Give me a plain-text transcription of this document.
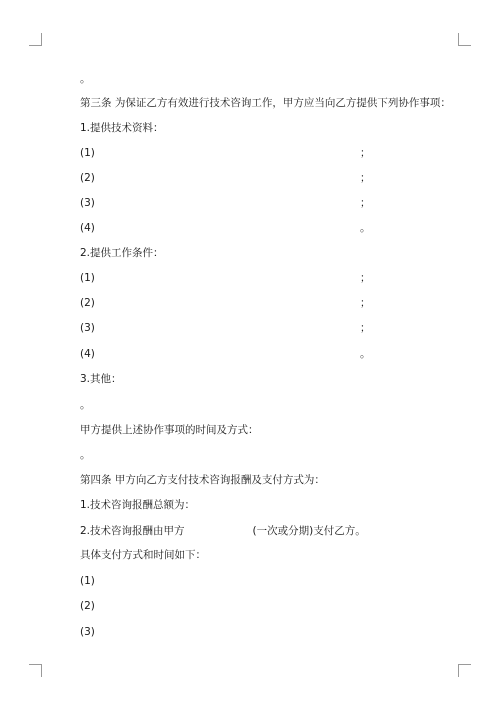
。
第三条 为保证乙方有效进行技术咨询工作，甲方应当向乙方提供下列协作事项：
1.提供技术资料：
(1)	；
(2)	；
(3)	；
(4)	。
2.提供工作条件：
(1)	；
(2)	；
(3)	；
(4)	。
3.其他：
。
甲方提供上述协作事项的时间及方式：
。
第四条 甲方向乙方支付技术咨询报酬及支付方式为：
1.技术咨询报酬总额为：
2.技术咨询报酬由甲方	(一次或分期)支付乙方。
具体支付方式和时间如下：
(1)
(2)
(3)
